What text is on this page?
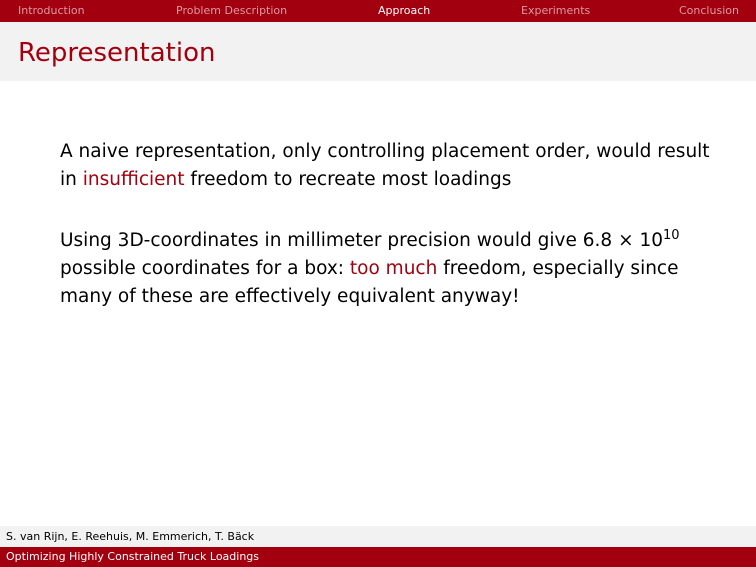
Introduction	Problem Description	Approach	Experiments	Conclusion
Representation

A naive representation, only controlling placement order, would result in insufficient freedom to recreate most loadings

Using 3D-coordinates in millimeter precision would give $6.8 \times 10^{10}$ possible coordinates for a box: too much freedom, especially since many of these are effectively equivalent anyway!

S. van Rijn, E. Reehuis, M. Emmerich, T. Bäck
Optimizing Highly Constrained Truck Loadings
